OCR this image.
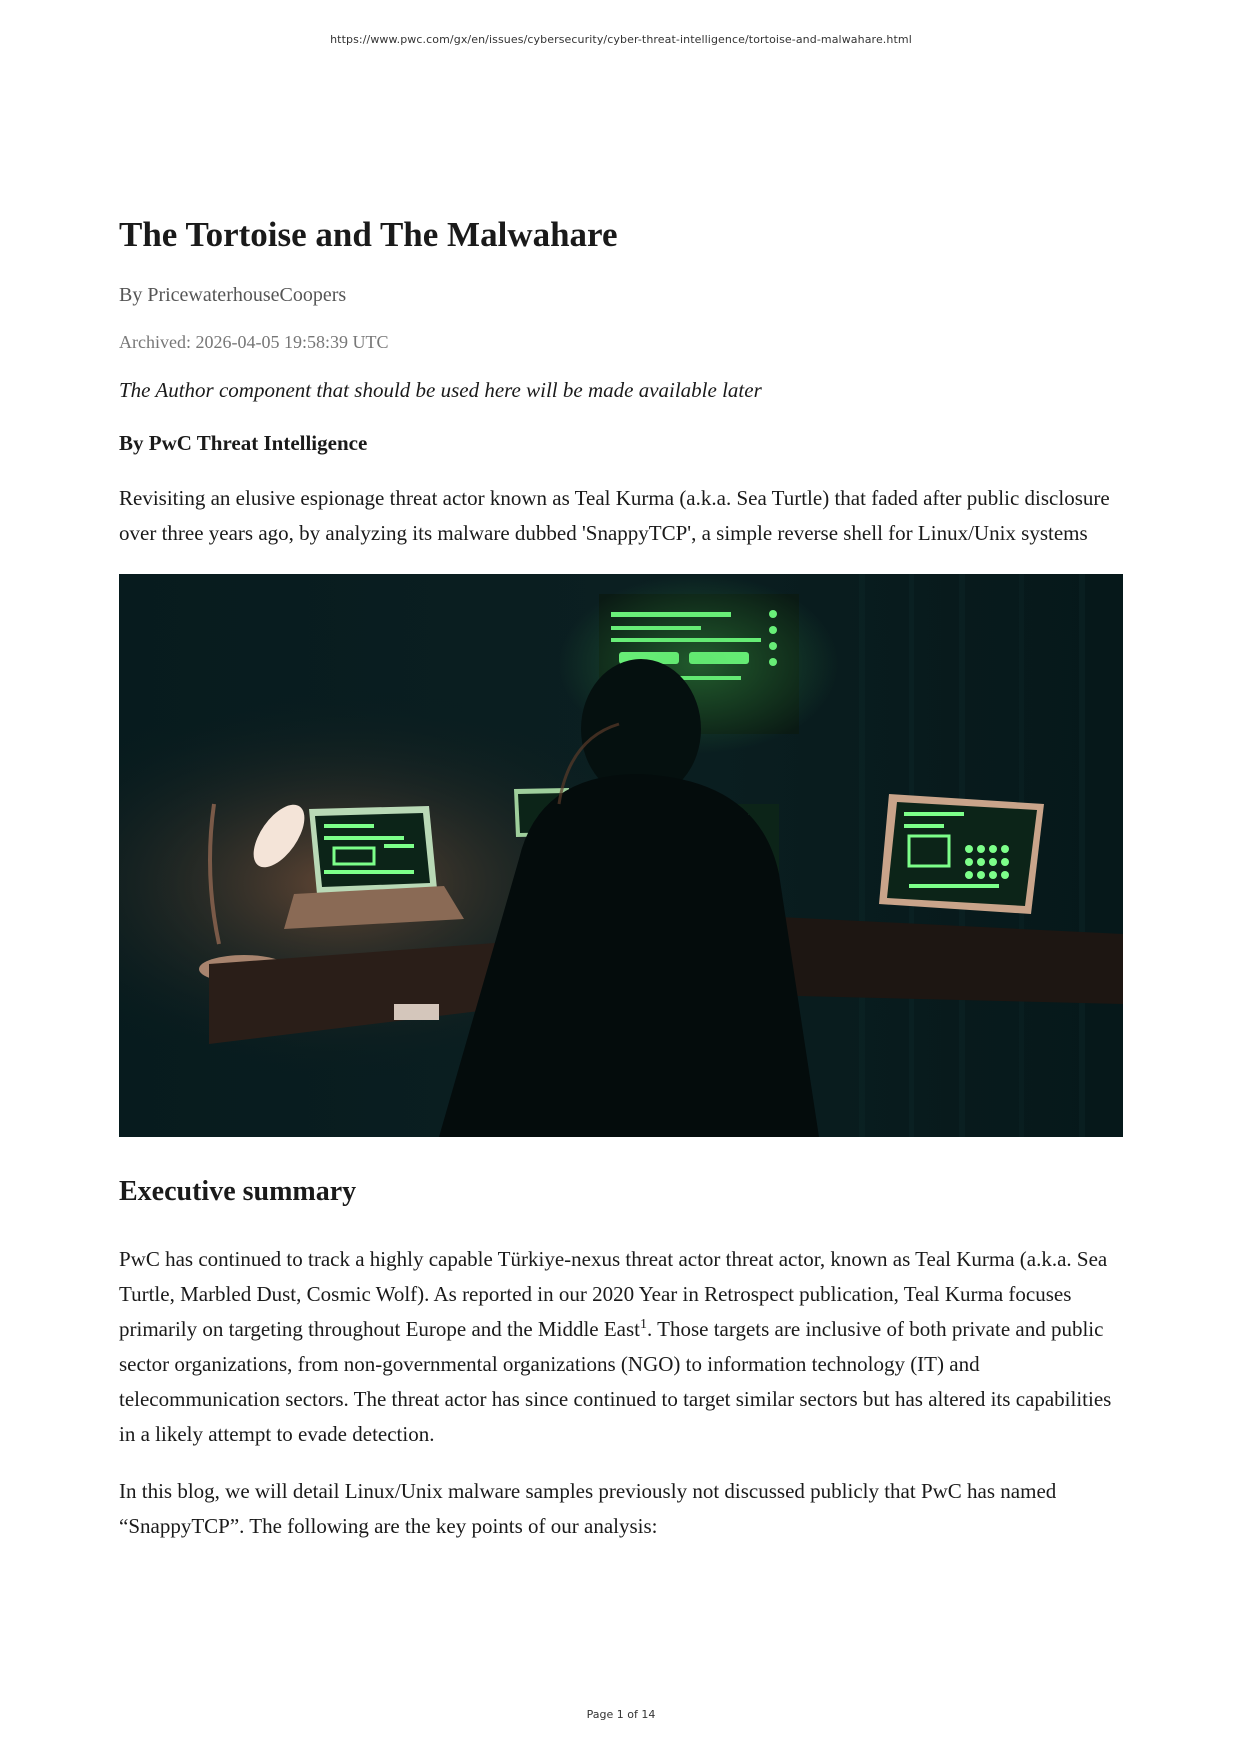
https://www.pwc.com/gx/en/issues/cybersecurity/cyber-threat-intelligence/tortoise-and-malwahare.html
The Tortoise and The Malwahare
By PricewaterhouseCoopers
Archived: 2026-04-05 19:58:39 UTC
The Author component that should be used here will be made available later
By PwC Threat Intelligence
Revisiting an elusive espionage threat actor known as Teal Kurma (a.k.a. Sea Turtle) that faded after public disclosure over three years ago, by analyzing its malware dubbed 'SnappyTCP', a simple reverse shell for Linux/Unix systems
Executive summary

PwC has continued to track a highly capable Türkiye-nexus threat actor threat actor, known as Teal Kurma (a.k.a. Sea Turtle, Marbled Dust, Cosmic Wolf). As reported in our 2020 Year in Retrospect publication, Teal Kurma focuses primarily on targeting throughout Europe and the Middle East$^1$. Those targets are inclusive of both private and public sector organizations, from non-governmental organizations (NGO) to information technology (IT) and telecommunication sectors. The threat actor has since continued to target similar sectors but has altered its capabilities in a likely attempt to evade detection.

In this blog, we will detail Linux/Unix malware samples previously not discussed publicly that PwC has named “SnappyTCP”. The following are the key points of our analysis:

Page 1 of 14
